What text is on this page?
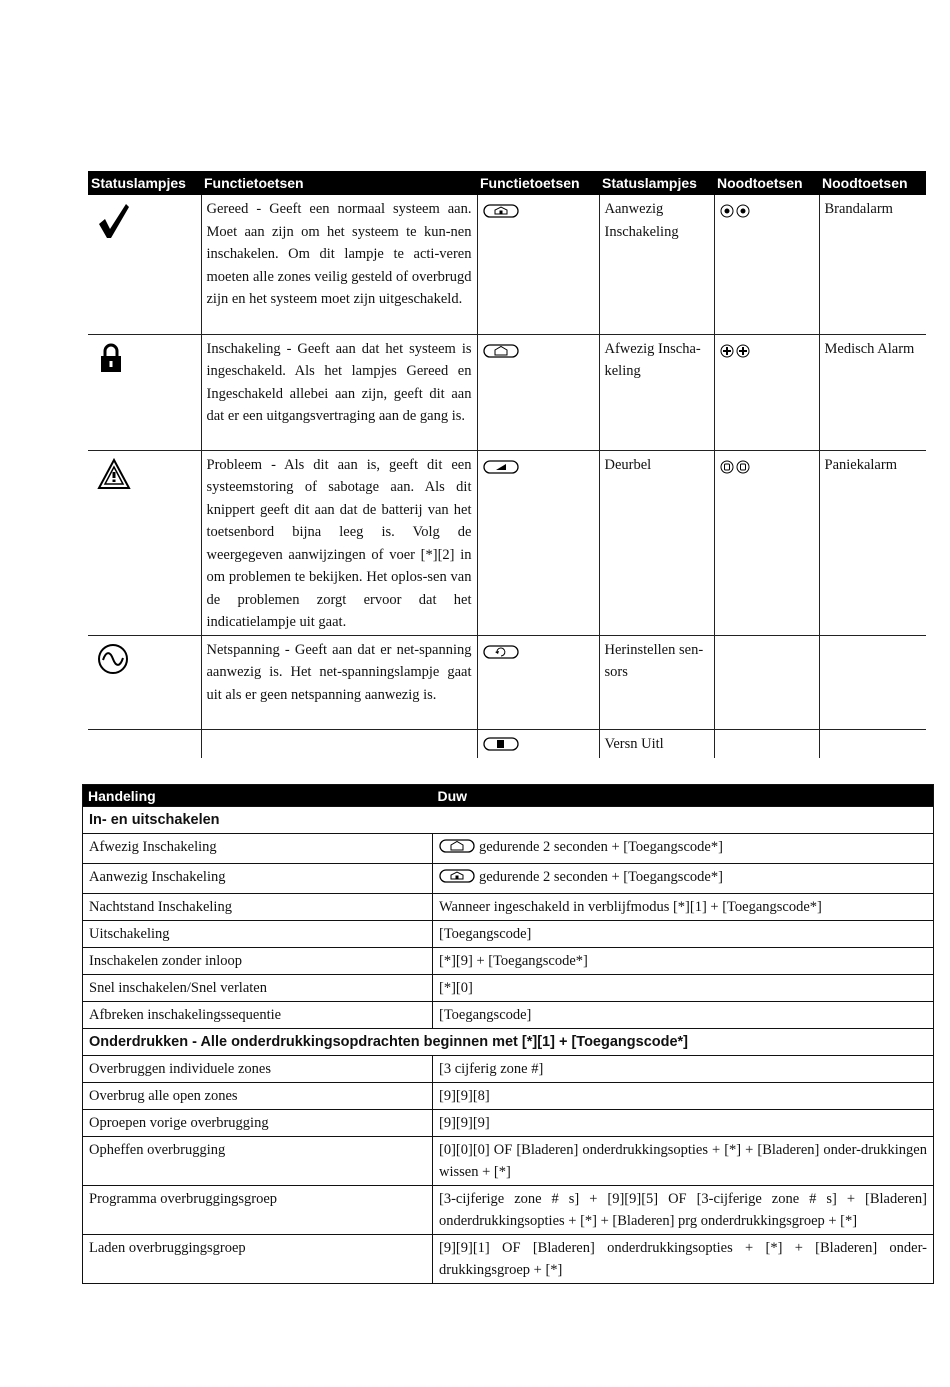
Statuslampjes	Functietoetsen	Functietoetsen	Statuslampjes	Noodtoetsen	Noodtoetsen

	Gereed - Geeft een normaal systeem aan. Moet aan zijn om het systeem te kun-nen inschakelen. Om dit lampje te acti-veren moeten alle zones veilig gesteld of overbrugd zijn en het systeem moet zijn uitgeschakeld.		Aanwezig Inschakeling		Brandalarm

	Inschakeling - Geeft aan dat het systeem is ingeschakeld. Als het lampjes Gereed en Ingeschakeld allebei aan zijn, geeft dit aan dat er een uitgangsvertraging aan de gang is.		Afwezig Inscha-keling		Medisch Alarm

	Probleem - Als dit aan is, geeft dit een systeemstoring of sabotage aan. Als dit knippert geeft dit aan dat de batterij van het toetsenbord bijna leeg is. Volg de weergegeven aanwijzingen of voer [*][2] in om problemen te bekijken. Het oplos-sen van de problemen zorgt ervoor dat het indicatielampje uit gaat.		Deurbel		Paniekalarm

	Netspanning - Geeft aan dat er net-spanning aanwezig is. Het net-spanningslampje gaat uit als er geen netspanning aanwezig is.		Herinstellen sen-sors		
			Versn Uitl		
Handeling	Duw
In- en uitschakelen	
Afwezig Inschakeling	gedurende 2 seconden + [Toegangscode*]
Aanwezig Inschakeling	gedurende 2 seconden + [Toegangscode*]
Nachtstand Inschakeling	Wanneer ingeschakeld in verblijfmodus [*][1] + [Toegangscode*]
Uitschakeling	[Toegangscode]
Inschakelen zonder inloop	[*][9] + [Toegangscode*]
Snel inschakelen/Snel verlaten	[*][0]
Afbreken inschakelingssequentie	[Toegangscode]
Onderdrukken - Alle onderdrukkingsopdrachten beginnen met [*][1] + [Toegangscode*]	
Overbruggen individuele zones	[3 cijferig zone #]
Overbrug alle open zones	[9][9][8]
Oproepen vorige overbrugging	[9][9][9]
Opheffen overbrugging	[0][0][0] OF [Bladeren] onderdrukkingsopties + [*] + [Bladeren] onder-drukkingen wissen + [*]
Programma overbruggingsgroep	[3-cijferige zone # s] + [9][9][5] OF [3-cijferige zone # s] + [Bladeren] onderdrukkingsopties + [*] + [Bladeren] prg onderdrukkingsgroep + [*]
Laden overbruggingsgroep	[9][9][1] OF [Bladeren] onderdrukkingsopties + [*] + [Bladeren] onder-drukkingsgroep + [*]
